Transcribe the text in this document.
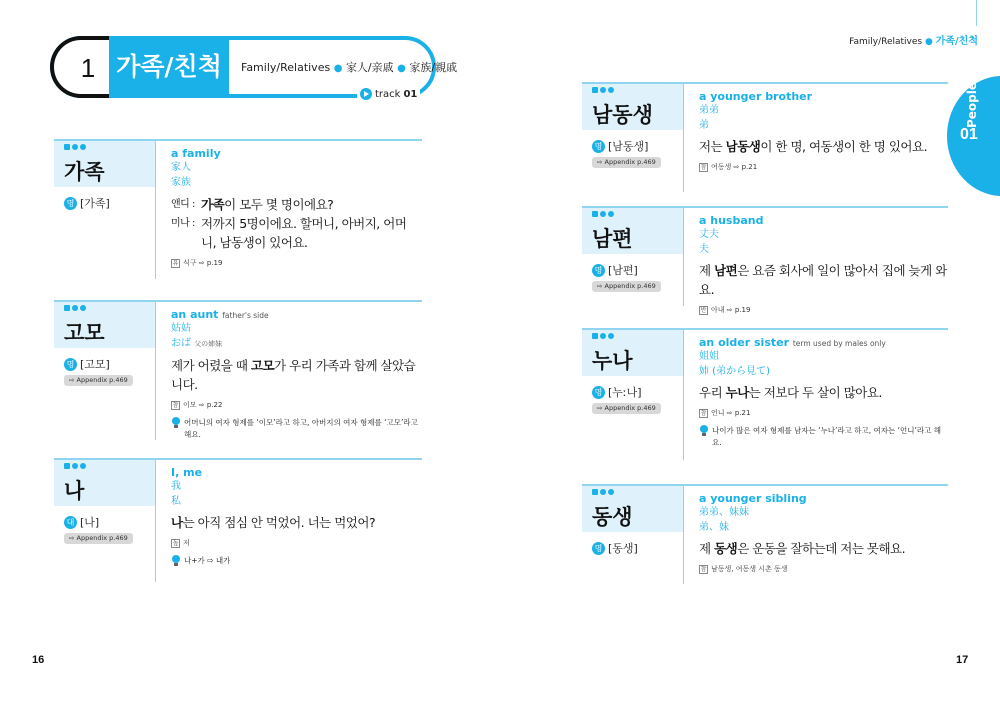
1 가족/친척	Family/Relatives ● 家人/亲戚 ● 家族/親戚
track 01
가족
명 [가족]
a family
家人
家族
앤디 : 가족이 모두 몇 명이에요?
미나 : 저까지 5명이에요. 할머니, 아버지, 어머니, 남동생이 있어요.
유 식구 ⇨ p.19
고모
명 [고모]
⇨ Appendix p.469
an aunt father's side
姑姑
おば 父の姉妹
제가 어렸을 때 고모가 우리 가족과 함께 살았습니다.
참 이모 ⇨ p.22
어머니의 여자 형제를 ‘이모’라고 하고, 아버지의 여자 형제를 ‘고모’라고 해요.
나
대 [나]
⇨ Appendix p.469
I, me
我
私
나는 아직 점심 안 먹었어. 너는 먹었어?
높 저
나+가 ⇨ 내가
16
Family/Relatives ● 가족/친척
People
01
남동생
명 [남동생]
⇨ Appendix p.469
a younger brother
弟弟
弟
저는 남동생이 한 명, 여동생이 한 명 있어요.
참 여동생 ⇨ p.21
남편
명 [남편]
⇨ Appendix p.469
a husband
丈夫
夫
제 남편은 요즘 회사에 일이 많아서 집에 늦게 와요.
반 아내 ⇨ p.19
누나
명 [누ː나]
⇨ Appendix p.469
an older sister term used by males only
姐姐
姉 (弟から見て)
우리 누나는 저보다 두 살이 많아요.
참 언니 ⇨ p.21
나이가 많은 여자 형제를 남자는 ‘누나’라고 하고, 여자는 ‘언니’라고 해요.
동생
명 [동생]
a younger sibling
弟弟、妹妹
弟、妹
제 동생은 운동을 잘하는데 저는 못해요.
참 남동생, 여동생 시촌 동생
17
